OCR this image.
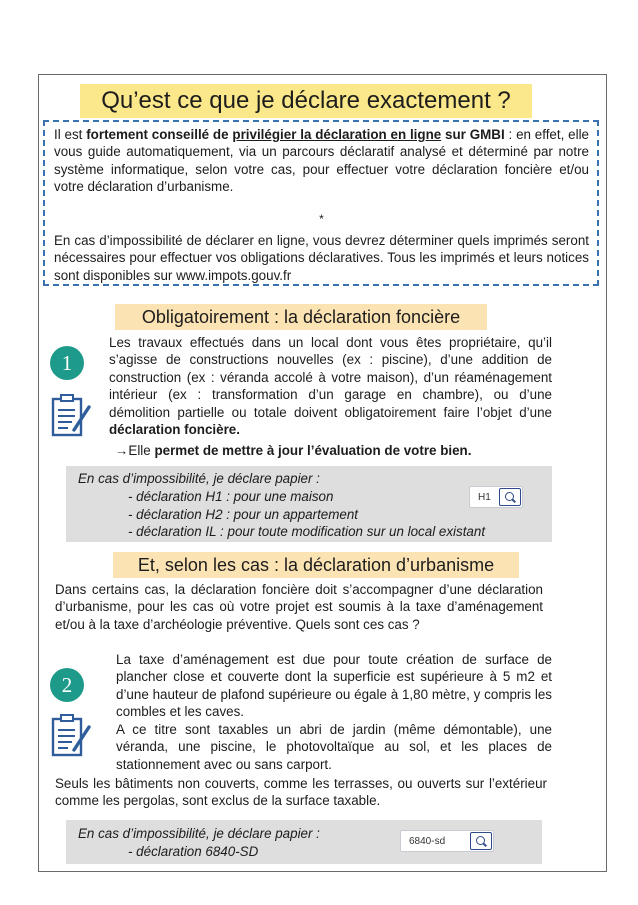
Qu’est ce que je déclare exactement ?
Il est fortement conseillé de privilégier la déclaration en ligne sur GMBI : en effet, elle vous guide automatiquement, via un parcours déclaratif analysé et déterminé par notre système informatique, selon votre cas, pour effectuer votre déclaration foncière et/ou votre déclaration d’urbanisme.
*
En cas d’impossibilité de déclarer en ligne, vous devrez déterminer quels imprimés seront nécessaires pour effectuer vos obligations déclaratives. Tous les imprimés et leurs notices sont disponibles sur www.impots.gouv.fr
Obligatoirement : la déclaration foncière
1
Les travaux effectués dans un local dont vous êtes propriétaire, qu’il s’agisse de constructions nouvelles (ex : piscine), d’une addition de construction (ex : véranda accolé à votre maison), d’un réaménagement intérieur (ex : transformation d’un garage en chambre), ou d’une démolition partielle ou totale doivent obligatoirement faire l’objet d’une déclaration foncière.
→Elle permet de mettre à jour l’évaluation de votre bien.
En cas d’impossibilité, je déclare papier :
- déclaration H1 : pour une maison
- déclaration H2 : pour un appartement
- déclaration IL : pour toute modification sur un local existant
H1
Et, selon les cas : la déclaration d’urbanisme
Dans certains cas, la déclaration foncière doit s’accompagner d’une déclaration d’urbanisme, pour les cas où votre projet est soumis à la taxe d’aménagement et/ou à la taxe d’archéologie préventive. Quels sont ces cas ?
2
La taxe d’aménagement est due pour toute création de surface de plancher close et couverte dont la superficie est supérieure à 5 m2 et d’une hauteur de plafond supérieure ou égale à 1,80 mètre, y compris les combles et les caves.
A ce titre sont taxables un abri de jardin (même démontable), une véranda, une piscine, le photovoltaïque au sol, et les places de stationnement avec ou sans carport.
Seuls les bâtiments non couverts, comme les terrasses, ou ouverts sur l’extérieur comme les pergolas, sont exclus de la surface taxable.
En cas d’impossibilité, je déclare papier :
- déclaration 6840-SD
6840-sd
